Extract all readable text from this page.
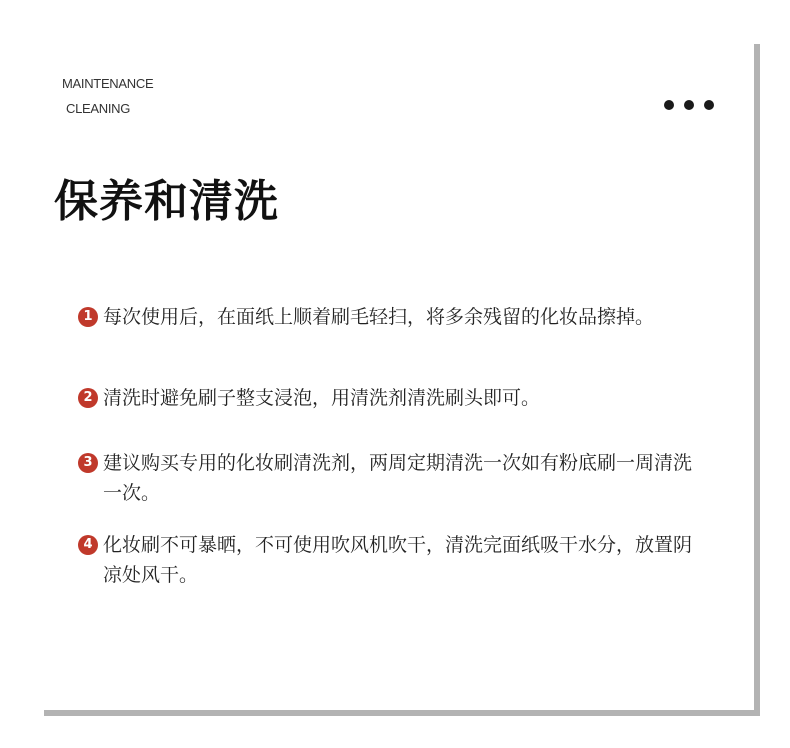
MAINTENANCE
CLEANING
保养和清洗
1 每次使用后，在面纸上顺着刷毛轻扫，将多余残留的化妆品擦掉。
2 清洗时避免刷子整支浸泡，用清洗剂清洗刷头即可。
3 建议购买专用的化妆刷清洗剂，两周定期清洗一次如有粉底刷一周清洗一次。
4 化妆刷不可暴晒，不可使用吹风机吹干，清洗完面纸吸干水分，放置阴凉处风干。
